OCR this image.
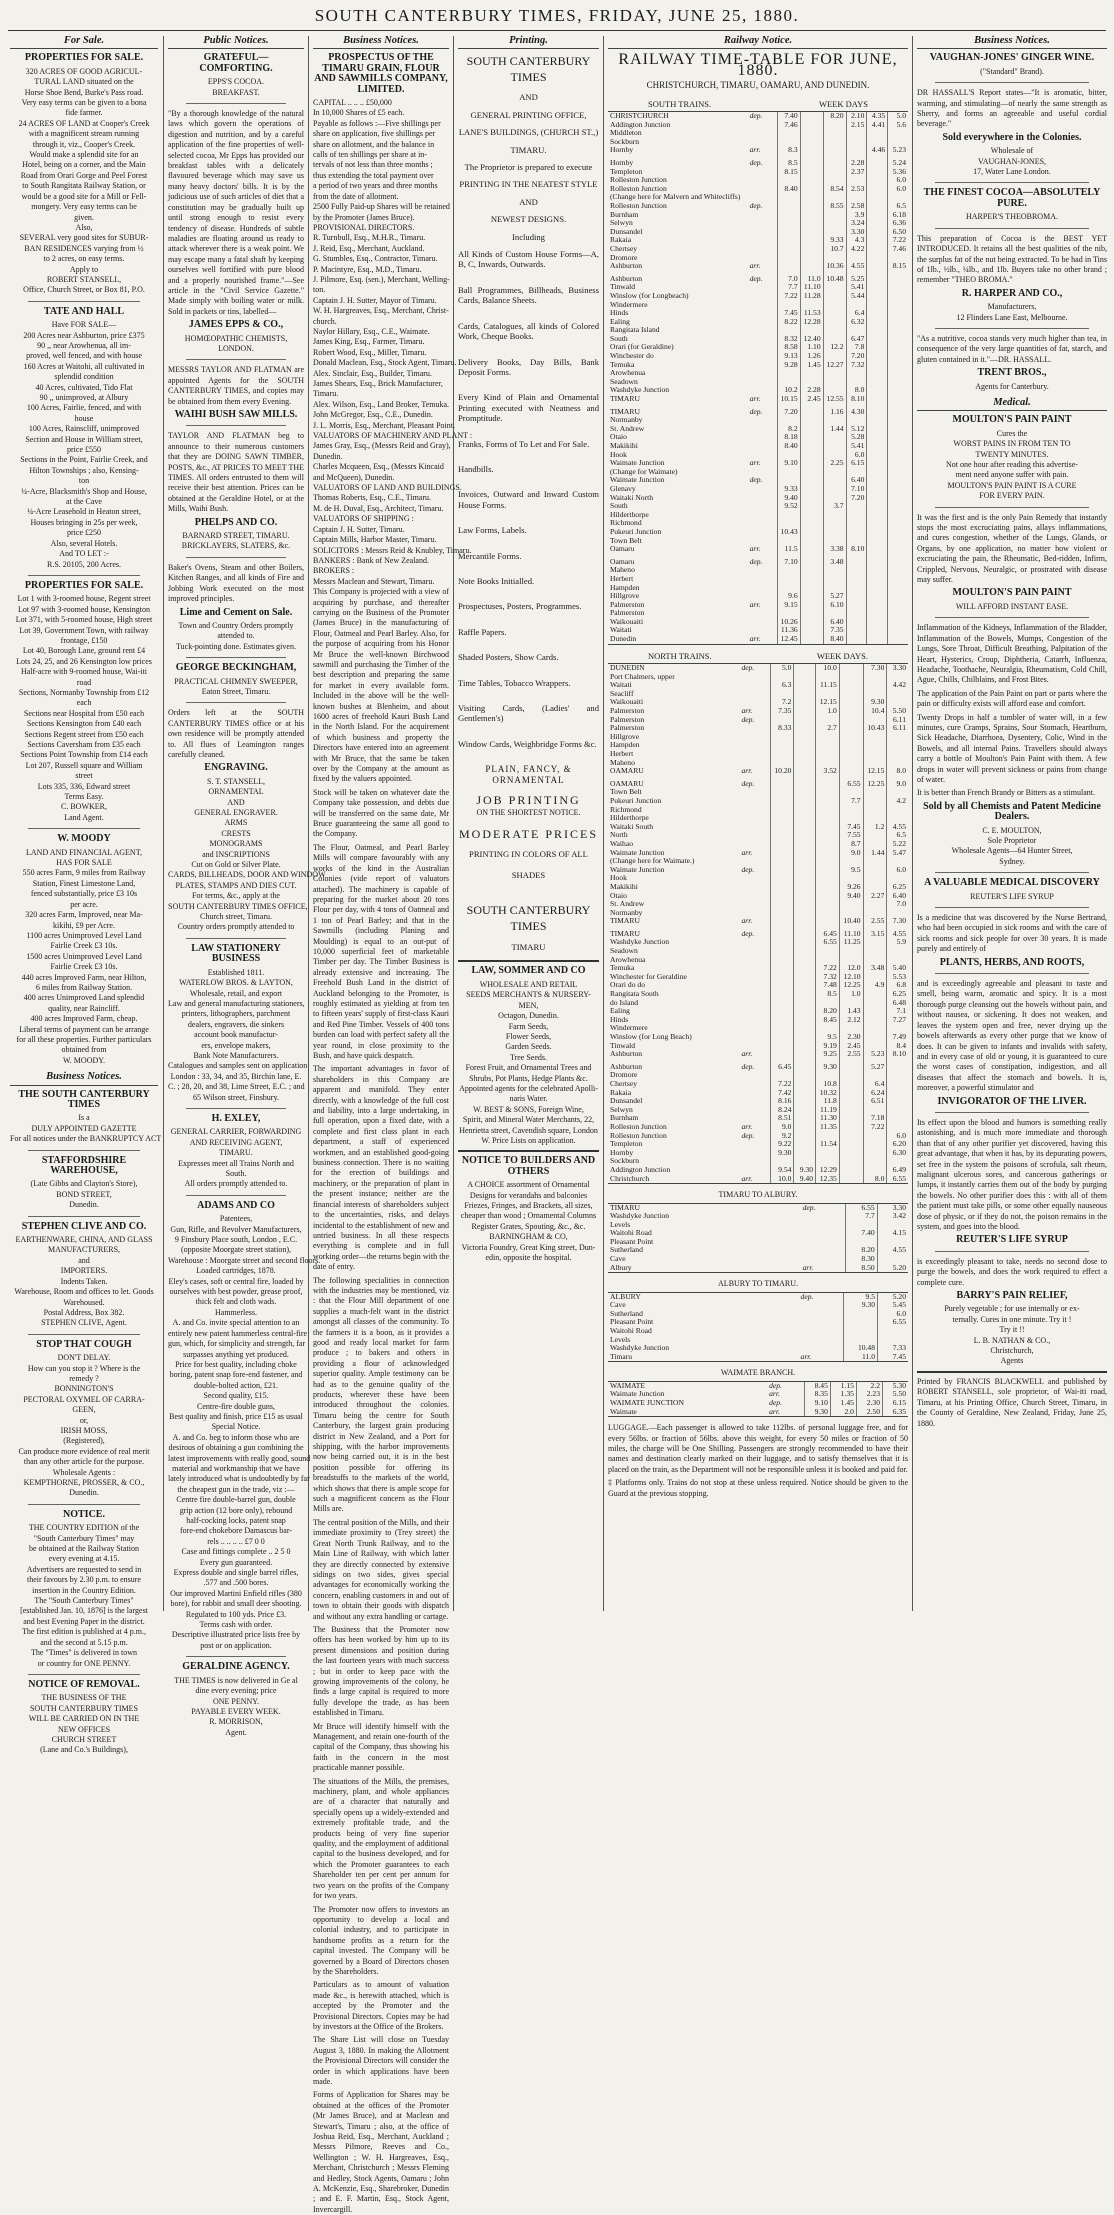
SOUTH CANTERBURY TIMES, FRIDAY, JUNE 25, 1880.
For Sale.
PROPERTIES FOR SALE.
320 ACRES OF GOOD AGRICUL-
TURAL LAND situated on the
Horse Shoe Bend, Burke's Pass road.
Very easy terms can be given to a bona
fide farmer.
24 ACRES OF LAND at Cooper's Creek
with a magnificent stream running
through it, viz., Cooper's Creek.
Would make a splendid site for an
Hotel, being on a corner, and the Main
Road from Orari Gorge and Peel Forest
to South Rangitata Railway Station, or
would be a good site for a Mill or Fell-
mongery. Very easy terms can be
given.
Also,
SEVERAL very good sites for SUBUR-
BAN RESIDENCES varying from ½
to 2 acres, on easy terms.
Apply to
ROBERT STANSELL,
Office, Church Street, or Box 81, P.O.
TATE AND HALL
Have FOR SALE—
200 Acres near Ashburton, price £375
90 ,, near Arowhenua, all im-
proved, well fenced, and with house
160 Acres at Waitohi, all cultivated in
splendid condition
40 Acres, cultivated, Tido Flat
90 ,, unimproved, at Albury
100 Acres, Fairlie, fenced, and with
house
100 Acres, Rainscliff, unimproved
Section and House in William street,
price £550
Sections in the Point, Fairlie Creek, and
Hilton Townships ; also, Kensing-
ton
¼-Acre, Blacksmith's Shop and House,
at the Cave
¼-Acre Leasehold in Heaton street,
Houses bringing in 25s per week,
price £250
Also, several Hotels.
And TO LET :-
R.S. 20105, 200 Acres.
PROPERTIES FOR SALE.
Lot 1 with 3-roomed house, Regent street
Lot 97 with 3-roomed house, Kensington
Lot 371, with 5-roomed house, High street
Lot 39, Government Town, with railway
frontage, £150
Lot 40, Borough Lane, ground rent £4
Lots 24, 25, and 26 Kensington low prices
Half-acre with 9-roomed house, Wai-iti
road
Sections, Normanby Township from £12
each
Sections near Hospital from £50 each
Sections Kensington from £40 each
Sections Regent street from £50 each
Sections Caversham from £35 each
Sections Point Township from £14 each
Lot 207, Russell square and William
street
Lots 335, 336, Edward street
Terms Easy.
C. BOWKER,
Land Agent.
W. MOODY
LAND AND FINANCIAL AGENT,
HAS FOR SALE
550 acres Farm, 9 miles from Railway
Station, Finest Limestone Land,
fenced substantially, price £3 10s
per acre.
320 acres Farm, Improved, near Ma-
kikihi, £9 per Acre.
1100 acres Unimproved Level Land
Fairlie Creek £3 10s.
1500 acres Unimproved Level Land
Fairlie Creek £3 10s.
440 acres Improved Farm, near Hilton,
6 miles from Railway Station.
400 acres Unimproved Land splendid
quality, near Raincliff.
400 acres Improved Farm, cheap.
Liberal terms of payment can be arrange
for all these properties. Further particulars
obtained from
W. MOODY.
Business Notices.
THE SOUTH CANTERBURY TIMES
Is a
DULY APPOINTED GAZETTE
For all notices under the BANKRUPTCY ACT
STAFFORDSHIRE WAREHOUSE,
(Late Gibbs and Clayton's Store),
BOND STREET,
Dunedin.
STEPHEN CLIVE AND CO.
EARTHENWARE, CHINA, AND GLASS
MANUFACTURERS,
and
IMPORTERS.
Indents Taken.
Warehouse, Room and offices to let. Goods
Warehoused.
Postal Address, Box 382.
STEPHEN CLIVE, Agent.
STOP THAT COUGH
DON'T DELAY.
How can you stop it ? Where is the
remedy ?
BONNINGTON'S
PECTORAL OXYMEL OF CARRA-
GEEN,
or,
IRISH MOSS,
(Registered),
Can produce more evidence of real merit
than any other article for the purpose.
Wholesale Agents :
KEMPTHORNE, PROSSER, & CO.,
Dunedin.
NOTICE.
THE COUNTRY EDITION of the
"South Canterbury Times" may
be obtained at the Railway Station
every evening at 4.15.
Advertisers are requested to send in
their favours by 2.30 p.m. to ensure
insertion in the Country Edition.
The "South Canterbury Times"
[established Jan. 10, 1876] is the largest
and best Evening Paper in the district.
The first edition is published at 4 p.m.,
and the second at 5.15 p.m.
The "Times" is delivered in town
or country for ONE PENNY.
NOTICE OF REMOVAL.
THE BUSINESS OF THE
SOUTH CANTERBURY TIMES
WILL BE CARRIED ON IN THE
NEW OFFICES
CHURCH STREET
(Lane and Co.'s Buildings),
Public Notices.
GRATEFUL—COMFORTING.
EPPS'S COCOA.
BREAKFAST.
"By a thorough knowledge of the natural laws which govern the operations of digestion and nutrition, and by a careful application of the fine properties of well-selected cocoa, Mr Epps has provided our breakfast tables with a delicately flavoured beverage which may save us many heavy doctors' bills. It is by the judicious use of such articles of diet that a constitution may be gradually built up until strong enough to resist every tendency of disease. Hundreds of subtle maladies are floating around us ready to attack wherever there is a weak point. We may escape many a fatal shaft by keeping ourselves well fortified with pure blood and a properly nourished frame."—See article in the "Civil Service Gazette." Made simply with boiling water or milk. Sold in packets or tins, labelled—
JAMES EPPS & CO.,
HOMŒOPATHIC CHEMISTS,
LONDON.
MESSRS TAYLOR AND FLATMAN are appointed Agents for the SOUTH CANTERBURY TIMES, and copies may be obtained from them every Evening.
WAIHI BUSH SAW MILLS.
TAYLOR AND FLATMAN beg to announce to their numerous customers that they are DOING SAWN TIMBER, POSTS, &c., AT PRICES TO MEET THE TIMES. All orders entrusted to them will receive their best attention. Prices can be obtained at the Geraldine Hotel, or at the Mills, Waihi Bush.
PHELPS AND CO.
BARNARD STREET, TIMARU.
BRICKLAYERS, SLATERS, &c.
Baker's Ovens, Steam and other Boilers, Kitchen Ranges, and all kinds of Fire and Jobbing Work executed on the most improved principles.
Lime and Cement on Sale.
Town and Country Orders promptly
attended to.
Tuck-pointing done. Estimates given.
GEORGE BECKINGHAM,
PRACTICAL CHIMNEY SWEEPER,
Eaton Street, Timaru.
Orders left at the SOUTH CANTERBURY TIMES office or at his own residence will be promptly attended to. All flues of Leamington ranges carefully cleaned.
ENGRAVING.
S. T. STANSELL,
ORNAMENTAL
AND
GENERAL ENGRAVER.
ARMS
CRESTS
MONOGRAMS
and INSCRIPTIONS
Cut on Gold or Silver Plate.
CARDS, BILLHEADS, DOOR AND WINDOW
PLATES, STAMPS AND DIES CUT.
For terms, &c., apply at the
SOUTH CANTERBURY TIMES OFFICE,
Church street, Timaru.
Country orders promptly attended to
LAW STATIONERY BUSINESS
Established 1811.
WATERLOW BROS. & LAYTON,
Wholesale, retail, and export
Law and general manufacturing stationers,
printers, lithographers, parchment
dealers, engravers, die sinkers
account book manufactur-
ers, envelope makers,
Bank Note Manufacturers.
Catalogues and samples sent on application
London : 33, 34, and 35, Birchin lane, E.
C. ; 28, 20, and 38, Lime Street, E.C. ; and
65 Wilson street, Finsbury.
H. EXLEY,
GENERAL CARRIER, FORWARDING
AND RECEIVING AGENT,
TIMARU.
Expresses meet all Trains North and
South.
All orders promptly attended to.
ADAMS AND CO
Patentees,
Gun, Rifle, and Revolver Manufacturers,
9 Finsbury Place south, London , E.C.
(opposite Moorgate street station),
Warehouse : Moorgate street and second floors.
Loaded cartridges, 1878.
Eley's cases, soft or central fire, loaded by
ourselves with best powder, grease proof,
thick felt and cloth wads.
Hammerless.
A. and Co. invite special attention to an
entirely new patent hammerless central-fire
gun, which, for simplicity and strength, far
surpasses anything yet produced.
Price for best quality, including choke
boring, patent snap fore-end fastener, and
double-bolted action, £21.
Second quality, £15.
Centre-fire double guns,
Best quality and finish, price £15 as usual
Special Notice.
A. and Co. beg to inform those who are
desirous of obtaining a gun combining the
latest improvements with really good, sound
material and workmanship that we have
lately introduced what is undoubtedly by far
the cheapest gun in the trade, viz :—
Centre fire double-barrel gun, double
grip action (12 bore only), rebound
half-cocking locks, patent snap
fore-end chokebore Damascus bar-
rels .. .. .. .. £7 0 0
Case and fittings complete .. 2 5 0
Every gun guaranteed.
Express double and single barrel rifles,
.577 and .500 bores.
Our improved Martini Enfield rifles (380
bore), for rabbit and small deer shooting.
Regulated to 100 yds. Price £3.
Terms cash with order.
Descriptive illustrated price lists free by
post or on application.
GERALDINE AGENCY.
THE TIMES is now delivered in Ge al
dine every evening; price
ONE PENNY.
PAYABLE EVERY WEEK.
R. MORRISON,
Agent.
Business Notices.
PROSPECTUS OF THE TIMARU GRAIN, FLOUR AND SAWMILLS COMPANY, LIMITED.
CAPITAL .. .. .. £50,000
In 10,000 Shares of £5 each.
Payable as follows :—Five shillings per
share on application, five shillings per
share on allotment, and the balance in
calls of ten shillings per share at in-
tervals of not less than three months ;
thus extending the total payment over
a period of two years and three months
from the date of allotment.
2500 Fully Paid-up Shares will be retained
by the Promoter (James Bruce).
PROVISIONAL DIRECTORS.
R. Turnbull, Esq., M.H.R., Timaru.
J. Reid, Esq., Merchant, Auckland.
G. Stumbles, Esq., Contractor, Timaru.
P. Macintyre, Esq., M.D., Timaru.
J. Pilmore, Esq. (sen.), Merchant, Welling-
ton.
Captain J. H. Sutter, Mayor of Timaru.
W. H. Hargreaves, Esq., Merchant, Christ-
church.
Naylor Hillary, Esq., C.E., Waimate.
James King, Esq., Farmer, Timaru.
Robert Wood, Esq., Miller, Timaru.
Donald Maclean, Esq., Stock Agent, Timaru.
Alex. Sinclair, Esq., Builder, Timaru.
James Shears, Esq., Brick Manufacturer,
Timaru.
Alex. Wilson, Esq., Land Broker, Temuka.
John McGregor, Esq., C.E., Dunedin.
J. L. Morris, Esq., Merchant, Pleasant Point.
VALUATORS OF MACHINERY AND PLANT :
James Gray, Esq., (Messrs Reid and Gray),
Dunedin.
Charles Mcqueen, Esq., (Messrs Kincaid
and McQueen), Dunedin.
VALUATORS OF LAND AND BUILDINGS.
Thomas Roberts, Esq., C.E., Timaru.
M. de H. Duval, Esq., Architect, Timaru.
VALUATORS OF SHIPPING :
Captain J. H. Sutter, Timaru.
Captain Mills, Harbor Master, Timaru.
SOLICITORS : Messrs Reid & Knubley, Timaru.
BANKERS : Bank of New Zealand.
BROKERS :
Messrs Maclean and Stewart, Timaru.
This Company is projected with a view of acquiring by purchase, and thereafter carrying on the Business of the Promoter (James Bruce) in the manufacturing of Flour, Oatmeal and Pearl Barley. Also, for the purpose of acquiring from his Honor Mr Bruce the well-known Birchwood sawmill and purchasing the Timber of the best description and preparing the same for market in every available form. Included in the above will be the well-known bushes at Blenheim, and about 1600 acres of freehold Kauri Bush Land in the North Island. For the acquirement of which business and property the Directors have entered into an agreement with Mr Bruce, that the same be taken over by the Company at the amount as fixed by the valuers appointed.
Stock will be taken on whatever date the Company take possession, and debts due will be transferred on the same date, Mr Bruce guaranteeing the same all good to the Company.
The Flour, Oatmeal, and Pearl Barley Mills will compare favourably with any works of the kind in the Australian Colonies (vide report of valuators attached). The machinery is capable of preparing for the market about 20 tons Flour per day, with 4 tons of Oatmeal and 1 ton of Pearl Barley; and that in the Sawmills (including Planing and Moulding) is equal to an out-put of 10,000 superficial feet of marketable Timber per day. The Timber Business is already extensive and increasing. The Freehold Bush Land in the district of Auckland belonging to the Promoter, is roughly estimated as yielding at from ten to fifteen years' supply of first-class Kauri and Red Pine Timber. Vessels of 400 tons burden can load with perfect safety all the year round, in close proximity to the Bush, and have quick despatch.
The important advantages in favor of shareholders in this Company are apparent and manifold. They enter directly, with a knowledge of the full cost and liability, into a large undertaking, in full operation, upon a fixed date, with a complete and first class plant in each department, a staff of experienced workmen, and an established good-going business connection. There is no waiting for the erection of buildings and machinery, or the preparation of plant in the present instance; neither are the financial interests of shareholders subject to the uncertainties, risks, and delays incidental to the establishment of new and untried business. In all these respects everything is complete and in full working order—the returns begin with the date of entry.
The following specialities in connection with the industries may be mentioned, viz : that the Flour Mill department of one supplies a much-felt want in the district amongst all classes of the community. To the farmers it is a boon, as it provides a good and ready local market for farm produce ; to bakers and others in providing a flour of acknowledged superior quality. Ample testimony can be had as to the genuine quality of the products, wherever these have been introduced throughout the colonies. Timaru being the centre for South Canterbury, the largest grain producing district in New Zealand, and a Port for shipping, with the harbor improvements now being carried out, it is in the best position possible for offering its breadstuffs to the markets of the world, which shows that there is ample scope for such a magnificent concern as the Flour Mills are.
The central position of the Mills, and their immediate proximity to (Trey street) the Great North Trunk Railway, and to the Main Line of Railway, with which latter they are directly connected by extensive sidings on two sides, gives special advantages for economically working the concern, enabling customers in and out of town to obtain their goods with dispatch and without any extra handling or cartage.
The Business that the Promoter now offers has been worked by him up to its present dimensions and position during the last fourteen years with much success ; but in order to keep pace with the growing improvements of the colony, he finds a large capital is required to more fully develope the trade, as has been established in Timaru.
Mr Bruce will identify himself with the Management, and retain one-fourth of the capital of the Company, thus showing his faith in the concern in the most practicable manner possible.
The situations of the Mills, the premises, machinery, plant, and whole appliances are of a character that naturally and specially opens up a widely-extended and extremely profitable trade, and the products being of very fine superior quality, and the employment of additional capital to the business developed, and for which the Promoter guarantees to each Shareholder ten per cent per annum for two years on the profits of the Company for two years.
The Promoter now offers to investors an opportunity to develop a local and colonial industry, and to participate in handsome profits as a return for the capital invested. The Company will be governed by a Board of Directors chosen by the Shareholders.
Particulars as to amount of valuation made &c., is herewith attached, which is accepted by the Promoter and the Provisional Directors. Copies may be had by investors at the Office of the Brokers.
The Share List will close on Tuesday August 3, 1880. In making the Allotment the Provisional Directors will consider the order in which applications have been made.
Forms of Application for Shares may be obtained at the offices of the Promoter (Mr James Bruce), and at Maclean and Stewart's, Timaru ; also, at the office of Joshua Reid, Esq., Merchant, Auckland ; Messrs Pilmore, Reeves and Co., Wellington ; W. H. Hargreaves, Esq., Merchant, Christchurch ; Messrs Fleming and Hedley, Stock Agents, Oamaru ; John A. McKenzie, Esq., Sharebroker, Dunedin ; and E. F. Martin, Esq., Stock Agent, Invercargill.
Printing.
SOUTH CANTERBURY TIMES
AND
GENERAL PRINTING OFFICE,
LANE'S BUILDINGS, (CHURCH ST.,)
TIMARU.
The Proprietor is prepared to execute
PRINTING IN THE NEATEST STYLE
AND
NEWEST DESIGNS.
Including
All Kinds of Custom House Forms—A, B, C, Inwards, Outwards.
Ball Programmes, Billheads, Business Cards, Balance Sheets.
Cards, Catalogues, all kinds of Colored Work, Cheque Books.
Delivery Books, Day Bills, Bank Deposit Forms.
Every Kind of Plain and Ornamental Printing executed with Neatness and Promptitude.
Franks, Forms of To Let and For Sale.
Handbills.
Invoices, Outward and Inward Custom House Forms.
Law Forms, Labels.
Mercantile Forms.
Note Books Initialled.
Prospectuses, Posters, Programmes.
Raffle Papers.
Shaded Posters, Show Cards.
Time Tables, Tobacco Wrappers.
Visiting Cards, (Ladies' and Gentlemen's)
Window Cards, Weighbridge Forms &c.
PLAIN, FANCY, & ORNAMENTAL
JOB PRINTING
ON THE SHORTEST NOTICE.
MODERATE PRICES
PRINTING IN COLORS OF ALL
SHADES
SOUTH CANTERBURY TIMES
TIMARU
LAW, SOMMER AND CO
WHOLESALE AND RETAIL
SEEDS MERCHANTS & NURSERY-
MEN,
Octagon, Dunedin.
Farm Seeds,
Flower Seeds,
Garden Seeds.
Tree Seeds.
Forest Fruit, and Ornamental Trees and
Shrubs, Pot Plants, Hedge Plants &c.
Appointed agents for the celebrated Apolli-
naris Water.
W. BEST & SONS, Foreign Wine,
Spirit, and Mineral Water Merchants, 22,
Henrietta street, Cavendish square, London
W. Price Lists on application.
NOTICE TO BUILDERS AND OTHERS
A CHOICE assortment of Ornamental
Designs for verandahs and balconies
Friezes, Fringes, and Brackets, all sizes,
cheaper than wood ; Ornamental Columns
Register Grates, Spouting, &c., &c.
BARNINGHAM & CO,
Victoria Foundry, Great King street, Dun-
edin, opposite the hospital.
Railway Notice.
RAILWAY TIME-TABLE FOR JUNE, 1880.
CHRISTCHURCH, TIMARU, OAMARU, AND DUNEDIN.
SOUTH TRAINS.	WEEK DAYS
CHRISTCHURCH	dep.	7.40		8.20	2.10	4.35	5.0
Addington Junction		7.46			2.15	4.41	5.6
Middleton							
Sockburn							
Hornby	arr.	8.3				4.46	5.23

Hornby	dep.	8.5			2.28		5.24
Templeton		8.15			2.37		5.36
Rolleston Junction							6.0
Rolleston Junction		8.40		8.54	2.53		6.0
(Change here for Malvern and Whitecliffs)							
Rolleston Junction	dep.			8.55	2.58		6.5
Burnham					3.9		6.18
Selwyn					3.24		6.36
Dunsandel					3.30		6.50
Rakaia				9.33	4.3		7.22
Chertsey				10.7	4.22		7.46
Dromore							
Ashburton	arr.			10.36	4.55		8.15

Ashburton	dep.	7.0	11.0	10.48	5.25		
Tinwald		7.7	11.10		5.41		
Winslow (for Longbeach)		7.22	11.28		5.44		
Windermere							
Hinds		7.45	11.53		6.4		
Ealing		8.22	12.28		6.32		
Rangitata Island							
South		8.32	12.40		6.47		
Orari (for Geraldine)		8.58	1.10	12.2	7.8		
Winchester do		9.13	1.26		7.20		
Temuka		9.28	1.45	12.27	7.32		
Arowhenua							
Seadown							
Washdyke Junction		10.2	2.28		8.0		
TIMARU	arr.	10.15	2.45	12.55	8.10		

TIMARU	dep.	7.20		1.16	4.30		
Normanby							
St. Andrew		8.2		1.44	5.12		
Otaio		8.18			5.28		
Makikihi		8.40			5.41		
Hook					6.0		
Waimate Junction	arr.	9.10		2.25	6.15		
(Change for Waimate)							
Waimate Junction	dep.				6.40		
Glenavy		9.33			7.10		
Waitaki North		9.40			7.20		
South		9.52		3.7			
Hilderthorpe							
Richmond							
Pukeuri Junction		10.43					
Town Belt							
Oamaru	arr.	11.5		3.38	8.10		

Oamaru	dep.	7.10		3.48			
Maheno							
Herbert							
Hampden							
Hillgrove		9.6		5.27			
Palmerston	arr.	9.15		6.10			
Palmerston							
Waikouaiti		10.26		6.40			
Waitati		11.36		7.35			
Dunedin	arr.	12.45		8.40			
NORTH TRAINS.	WEEK DAYS.
DUNEDIN	dep.	5.0		10.0		7.30	3.30
Port Chalmers, upper							
Waitati		6.3		11.15			4.42
Seacliff							
Waikouaiti		7.2		12.15		9.30	
Palmerston	arr.	7.35		1.0		10.4	5.50
Palmerston	dep.						6.11
Palmerston		8.33		2.7		10.43	6.11
Hillgrove							
Hampden							
Herbert							
Maheno							
OAMARU	arr.	10.20		3.52		12.15	8.0

OAMARU	dep.				6.55	12.25	9.0
Town Belt							
Pukeuri Junction					7.7		4.2
Richmond							
Hilderthorpe							
Waitaki South					7.45	1.2	4.55
North					7.55		6.5
Waihao					8.7		5.22
Waimate Junction	arr.				9.0	1.44	5.47
(Change here for Waimate.)							
Waimate Junction	dep.				9.5		6.0
Hook							
Makikihi					9.26		6.25
Otaio					9.40	2.27	6.40
St. Andrew							7.0
Normanby							
TIMARU	arr.				10.40	2.55	7.30

TIMARU	dep.			6.45	11.10	3.15	4.55
Washdyke Junction				6.55	11.25		5.9
Seadown							
Arowhenua							
Temuka				7.22	12.0	3.48	5.40
Winchester for Geraldine				7.32	12.10		5.53
Orari do do				7.48	12.25	4.9	6.8
Rangitata South				8.5	1.0		6.25
do Island							6.48
Ealing				8.20	1.43		7.1
Hinds				8.45	2.12		7.27
Windermere							
Winslow (for Long Beach)				9.5	2.30		7.49
Tinwald				9.19	2.45		8.4
Ashburton	arr.			9.25	2.55	5.23	8.10

Ashburton	dep.	6.45		9.30		5.27	
Dromore							
Chertsey		7.22		10.8		6.4	
Rakaia		7.42		10.32		6.24	
Dunsandel		8.16		11.8		6.51	
Selwyn		8.24		11.19			
Burnham		8.51		11.30		7.18	
Rolleston Junction	arr.	9.0		11.35		7.22	
Rolleston Junction	dep.	9.2					6.0
Templeton		9.22		11.54			6.20
Hornby		9.30					6.30
Sockburn							
Addington Junction		9.54	9.30	12.29			6.49
Christchurch	arr.	10.0	9.40	12.35		8.0	6.55
TIMARU TO ALBURY.
TIMARU	dep.	6.55	3.30
Washdyke Junction		7.7	3.42
Levels			
Waitohi Road		7.40	4.15
Pleasant Point			
Sutherland		8.20	4.55
Cave		8.30	
Albury	arr.	8.50	5.20
ALBURY TO TIMARU.
ALBURY	dep.	9.5	5.20
Cave		9.30	5.45
Sutherland			6.0
Pleasant Point			6.55
Waitohi Road			
Levels			
Washdyke Junction		10.48	7.33
Timaru	arr.	11.0	7.45
WAIMATE BRANCH.
WAIMATE	dep.	8.45	1.15	2.2	5.30
Waimate Junction	arr.	8.35	1.35	2.23	5.50
WAIMATE JUNCTION	dep.	9.10	1.45	2.30	6.15
Waimate	arr.	9.30	2.0	2.50	6.35
LUGGAGE.—Each passenger is allowed to take 112lbs. of personal luggage free, and for every 56lbs. or fraction of 56lbs. above this weight, for every 50 miles or fraction of 50 miles, the charge will be One Shilling. Passengers are strongly recommended to have their names and destination clearly marked on their luggage, and to satisfy themselves that it is placed on the train, as the Department will not be responsible unless it is booked and paid for.
‡ Platforms only. Trains do not stop at these unless required. Notice should be given to the Guard at the previous stopping.
Business Notices.
VAUGHAN-JONES' GINGER WINE.
("Standard" Brand).
DR HASSALL'S Report states—"It is aromatic, bitter, warming, and stimulating—of nearly the same strength as Sherry, and forms an agreeable and useful cordial beverage."
Sold everywhere in the Colonies.
Wholesale of
VAUGHAN-JONES,
17, Water Lane London.
THE FINEST COCOA—ABSOLUTELY PURE.
HARPER'S THEOBROMA.
This preparation of Cocoa is the BEST YET INTRODUCED. It retains all the best qualities of the nib, the surplus fat of the nut being extracted. To be had in Tins of 1lb., ½lb., ¼lb., and 1lb. Buyers take no other brand ; remember "THEO BROMA."
R. HARPER AND CO.,
Manufacturers,
12 Flinders Lane East, Melbourne.
"As a nutritive, cocoa stands very much higher than tea, in consequence of the very large quantities of fat, starch, and gluten contained in it."—DR. HASSALL.
TRENT BROS.,
Agents for Canterbury.
Medical.
MOULTON'S PAIN PAINT
Cures the
WORST PAINS IN FROM TEN TO
TWENTY MINUTES.
Not one hour after reading this advertise-
ment need anyone suffer with pain.
MOULTON'S PAIN PAINT IS A CURE
FOR EVERY PAIN.
It was the first and is the only Pain Remedy that instantly stops the most excruciating pains, allays inflammations, and cures congestion, whether of the Lungs, Glands, or Organs, by one application, no matter how violent or excruciating the pain, the Rheumatic, Bed-ridden, Infirm, Crippled, Nervous, Neuralgic, or prostrated with disease may suffer.
MOULTON'S PAIN PAINT
WILL AFFORD INSTANT EASE.
Inflammation of the Kidneys, Inflammation of the Bladder, Inflammation of the Bowels, Mumps, Congestion of the Lungs, Sore Throat, Difficult Breathing, Palpitation of the Heart, Hysterics, Croup, Diphtheria, Catarrh, Influenza, Headache, Toothache, Neuralgia, Rheumatism, Cold Chill, Ague, Chills, Chilblains, and Frost Bites.
The application of the Pain Paint on part or parts where the pain or difficulty exists will afford ease and comfort.
Twenty Drops in half a tumbler of water will, in a few minutes, cure Cramps, Sprains, Sour Stomach, Heartburn, Sick Headache, Diarrhoea, Dysentery, Colic, Wind in the Bowels, and all internal Pains. Travellers should always carry a bottle of Moulton's Pain Paint with them. A few drops in water will prevent sickness or pains from change of water.
It is better than French Brandy or Bitters as a stimulant.
Sold by all Chemists and Patent Medicine Dealers.
C. E. MOULTON,
Sole Proprietor
Wholesale Agents—64 Hunter Street,
Sydney.
A VALUABLE MEDICAL DISCOVERY
REUTER'S LIFE SYRUP
Is a medicine that was discovered by the Nurse Bertrand, who had been occupied in sick rooms and with the care of sick rooms and sick people for over 30 years. It is made purely and entirely of
PLANTS, HERBS, AND ROOTS,
and is exceedingly agreeable and pleasant to taste and smell, being warm, aromatic and spicy. It is a most thorough purge cleansing out the bowels without pain, and without nausea, or sickening. It does not weaken, and leaves the system open and free, never drying up the bowels afterwards as every other purge that we know of does. It can be given to infants and invalids with safety, and in every case of old or young, it is guaranteed to cure the worst cases of constipation, indigestion, and all diseases that affect the stomach and bowels. It is, moreover, a powerful stimulator and
INVIGORATOR OF THE LIVER.
Its effect upon the blood and humors is something really astonishing, and is much more immediate and thorough than that of any other purifier yet discovered, having this great advantage, that when it has, by its depurating powers, set free in the system the poisons of scrofula, salt rheum, malignant ulcerous sores, and cancerous gatherings or lumps, it instantly carries them out of the body by purging the bowels. No other purifier does this : with all of them the patient must take pills, or some other equally nauseous dose of physic, or if they do not, the poison remains in the system, and goes into the blood.
REUTER'S LIFE SYRUP
is exceedingly pleasant to take, needs no second dose to purge the bowels, and does the work required to effect a complete cure.
BARRY'S PAIN RELIEF,
Purely vegetable ; for use internally or ex-
ternally. Cures in one minute. Try it !
Try it !!
L. B. NATHAN & CO.,
Christchurch,
Agents
Printed by FRANCIS BLACKWELL and published by ROBERT STANSELL, sole proprietor, of Wai-iti road, Timaru, at his Printing Office, Church Street, Timaru, in the County of Geraldine, New Zealand, Friday, June 25, 1880.
